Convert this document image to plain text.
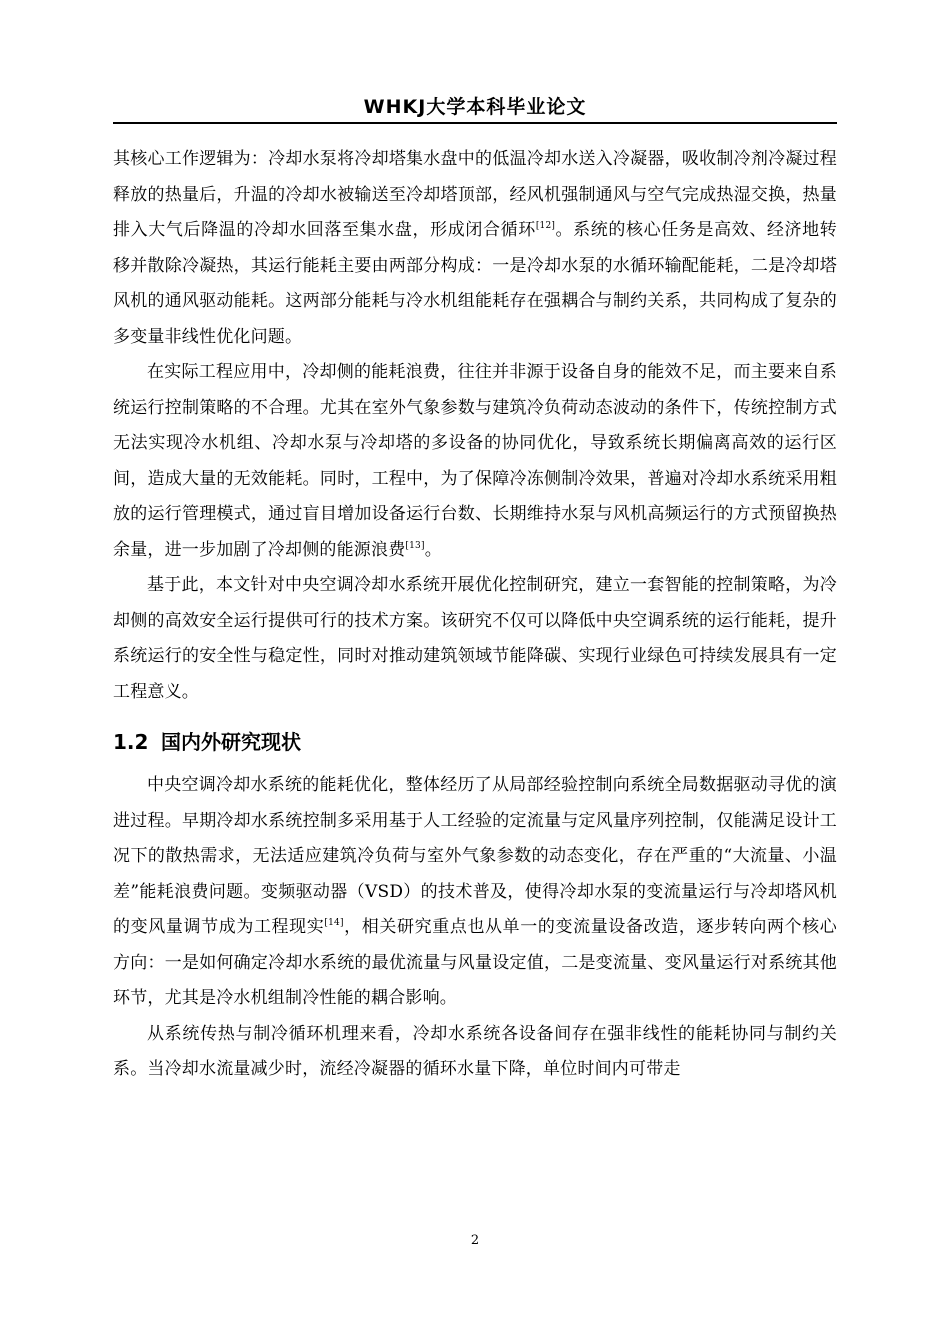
WHKJ大学本科毕业论文

其核心工作逻辑为：冷却水泵将冷却塔集水盘中的低温冷却水送入冷凝器，吸收制冷剂冷凝过程释放的热量后，升温的冷却水被输送至冷却塔顶部，经风机强制通风与空气完成热湿交换，热量排入大气后降温的冷却水回落至集水盘，形成闭合循环[12]。系统的核心任务是高效、经济地转移并散除冷凝热，其运行能耗主要由两部分构成：一是冷却水泵的水循环输配能耗，二是冷却塔风机的通风驱动能耗。这两部分能耗与冷水机组能耗存在强耦合与制约关系，共同构成了复杂的多变量非线性优化问题。

在实际工程应用中，冷却侧的能耗浪费，往往并非源于设备自身的能效不足，而主要来自系统运行控制策略的不合理。尤其在室外气象参数与建筑冷负荷动态波动的条件下，传统控制方式无法实现冷水机组、冷却水泵与冷却塔的多设备的协同优化，导致系统长期偏离高效的运行区间，造成大量的无效能耗。同时，工程中，为了保障冷冻侧制冷效果，普遍对冷却水系统采用粗放的运行管理模式，通过盲目增加设备运行台数、长期维持水泵与风机高频运行的方式预留换热余量，进一步加剧了冷却侧的能源浪费[13]。

基于此，本文针对中央空调冷却水系统开展优化控制研究，建立一套智能的控制策略，为冷却侧的高效安全运行提供可行的技术方案。该研究不仅可以降低中央空调系统的运行能耗，提升系统运行的安全性与稳定性，同时对推动建筑领域节能降碳、实现行业绿色可持续发展具有一定工程意义。

1.2 国内外研究现状

中央空调冷却水系统的能耗优化，整体经历了从局部经验控制向系统全局数据驱动寻优的演进过程。早期冷却水系统控制多采用基于人工经验的定流量与定风量序列控制，仅能满足设计工况下的散热需求，无法适应建筑冷负荷与室外气象参数的动态变化，存在严重的“大流量、小温差”能耗浪费问题。变频驱动器（VSD）的技术普及，使得冷却水泵的变流量运行与冷却塔风机的变风量调节成为工程现实[14]，相关研究重点也从单一的变流量设备改造，逐步转向两个核心方向：一是如何确定冷却水系统的最优流量与风量设定值，二是变流量、变风量运行对系统其他环节，尤其是冷水机组制冷性能的耦合影响。

从系统传热与制冷循环机理来看，冷却水系统各设备间存在强非线性的能耗协同与制约关系。当冷却水流量减少时，流经冷凝器的循环水量下降，单位时间内可带走

2
